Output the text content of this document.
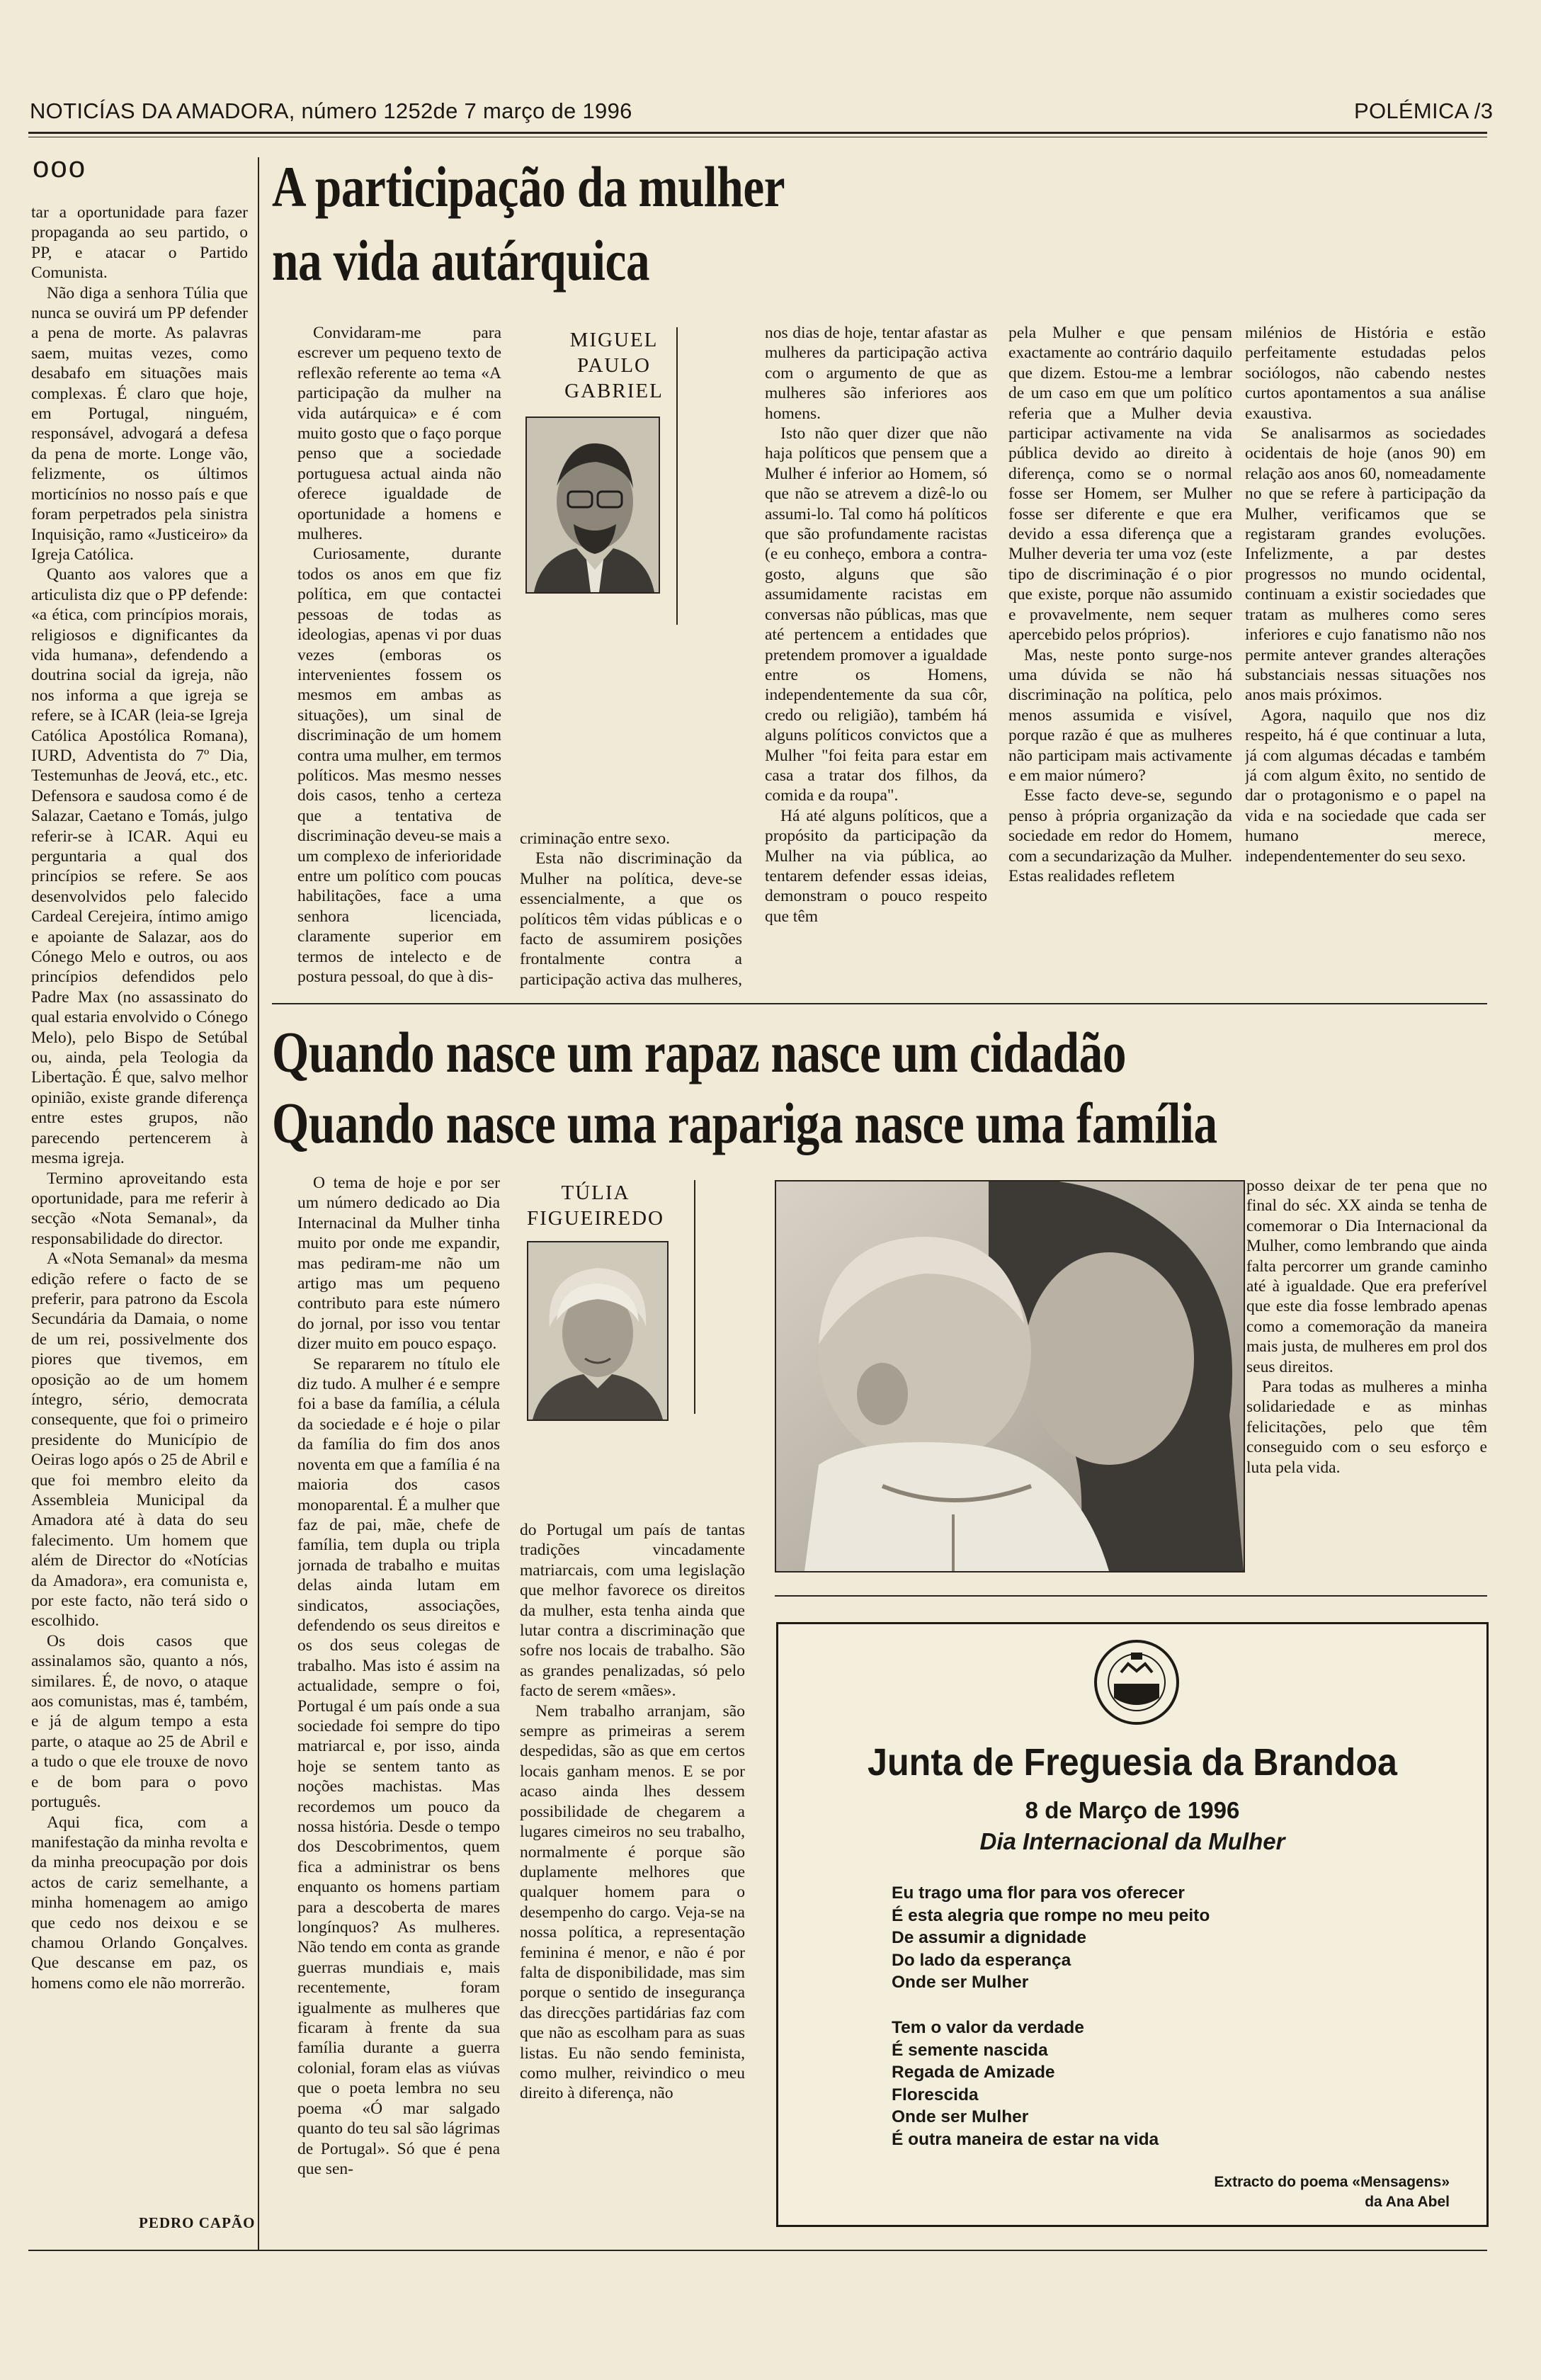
NOTICÍAS DA AMADORA, número 1252de 7 março de 1996	POLÉMICA /3
ooo

tar a oportunidade para fazer propaganda ao seu partido, o PP, e atacar o Partido Comunista.

Não diga a senhora Túlia que nunca se ouvirá um PP defender a pena de morte. As palavras saem, muitas vezes, como desabafo em situações mais complexas. É claro que hoje, em Portugal, ninguém, responsável, advogará a defesa da pena de morte. Longe vão, felizmente, os últimos morticínios no nosso país e que foram perpetrados pela sinistra Inquisição, ramo «Justiceiro» da Igreja Católica.

Quanto aos valores que a articulista diz que o PP defende: «a ética, com princípios morais, religiosos e dignificantes da vida humana», defendendo a doutrina social da igreja, não nos informa a que igreja se refere, se à ICAR (leia-se Igreja Católica Apostólica Romana), IURD, Adventista do 7º Dia, Testemunhas de Jeová, etc., etc. Defensora e saudosa como é de Salazar, Caetano e Tomás, julgo referir-se à ICAR. Aqui eu perguntaria a qual dos princípios se refere. Se aos desenvolvidos pelo falecido Cardeal Cerejeira, íntimo amigo e apoiante de Salazar, aos do Cónego Melo e outros, ou aos princípios defendidos pelo Padre Max (no assassinato do qual estaria envolvido o Cónego Melo), pelo Bispo de Setúbal ou, ainda, pela Teologia da Libertação. É que, salvo melhor opinião, existe grande diferença entre estes grupos, não parecendo pertencerem à mesma igreja.

Termino aproveitando esta oportunidade, para me referir à secção «Nota Semanal», da responsabilidade do director.

A «Nota Semanal» da mesma edição refere o facto de se preferir, para patrono da Escola Secundária da Damaia, o nome de um rei, possivelmente dos piores que tivemos, em oposição ao de um homem íntegro, sério, democrata consequente, que foi o primeiro presidente do Município de Oeiras logo após o 25 de Abril e que foi membro eleito da Assembleia Municipal da Amadora até à data do seu falecimento. Um homem que além de Director do «Notícias da Amadora», era comunista e, por este facto, não terá sido o escolhido.

Os dois casos que assinalamos são, quanto a nós, similares. É, de novo, o ataque aos comunistas, mas é, também, e já de algum tempo a esta parte, o ataque ao 25 de Abril e a tudo o que ele trouxe de novo e de bom para o povo português.

Aqui fica, com a manifestação da minha revolta e da minha preocupação por dois actos de cariz semelhante, a minha homenagem ao amigo que cedo nos deixou e se chamou Orlando Gonçalves. Que descanse em paz, os homens como ele não morrerão.

PEDRO CAPÃO
A participação da mulher
na vida autárquica

Convidaram-me para escrever um pequeno texto de reflexão referente ao tema «A participação da mulher na vida autárquica» e é com muito gosto que o faço porque penso que a sociedade portuguesa actual ainda não oferece igualdade de oportunidade a homens e mulheres.

Curiosamente, durante todos os anos em que fiz política, em que contactei pessoas de todas as ideologias, apenas vi por duas vezes (emboras os intervenientes fossem os mesmos em ambas as situações), um sinal de discriminação de um homem contra uma mulher, em termos políticos. Mas mesmo nesses dois casos, tenho a certeza que a tentativa de discriminação deveu-se mais a um complexo de inferioridade entre um político com poucas habilitações, face a uma senhora licenciada, claramente superior em termos de intelecto e de postura pessoal, do que à dis-

MIGUEL
PAULO
GABRIEL

criminação entre sexo.

Esta não discriminação da Mulher na política, deve-se essencialmente, a que os políticos têm vidas públicas e o facto de assumirem posições frontalmente contra a participação activa das mulheres,

nos dias de hoje, tentar afastar as mulheres da participação activa com o argumento de que as mulheres são inferiores aos homens.

Isto não quer dizer que não haja políticos que pensem que a Mulher é inferior ao Homem, só que não se atrevem a dizê-lo ou assumi-lo. Tal como há políticos que são profundamente racistas (e eu conheço, embora a contra-gosto, alguns que são assumidamente racistas em conversas não públicas, mas que até pertencem a entidades que pretendem promover a igualdade entre os Homens, independentemente da sua côr, credo ou religião), também há alguns políticos convictos que a Mulher "foi feita para estar em casa a tratar dos filhos, da comida e da roupa".

Há até alguns políticos, que a propósito da participação da Mulher na via pública, ao tentarem defender essas ideias, demonstram o pouco respeito que têm

pela Mulher e que pensam exactamente ao contrário daquilo que dizem. Estou-me a lembrar de um caso em que um político referia que a Mulher devia participar activamente na vida pública devido ao direito à diferença, como se o normal fosse ser Homem, ser Mulher fosse ser diferente e que era devido a essa diferença que a Mulher deveria ter uma voz (este tipo de discriminação é o pior que existe, porque não assumido e provavelmente, nem sequer apercebido pelos próprios).

Mas, neste ponto surge-nos uma dúvida se não há discriminação na política, pelo menos assumida e visível, porque razão é que as mulheres não participam mais activamente e em maior número?

Esse facto deve-se, segundo penso à própria organização da sociedade em redor do Homem, com a secundarização da Mulher. Estas realidades refletem

milénios de História e estão perfeitamente estudadas pelos sociólogos, não cabendo nestes curtos apontamentos a sua análise exaustiva.

Se analisarmos as sociedades ocidentais de hoje (anos 90) em relação aos anos 60, nomeadamente no que se refere à participação da Mulher, verificamos que se registaram grandes evoluções. Infelizmente, a par destes progressos no mundo ocidental, continuam a existir sociedades que tratam as mulheres como seres inferiores e cujo fanatismo não nos permite antever grandes alterações substanciais nessas situações nos anos mais próximos.

Agora, naquilo que nos diz respeito, há é que continuar a luta, já com algumas décadas e também já com algum êxito, no sentido de dar o protagonismo e o papel na vida e na sociedade que cada ser humano merece, independentementer do seu sexo.

Quando nasce um rapaz nasce um cidadão
Quando nasce uma rapariga nasce uma família
TÚLIA
FIGUEIREDO

O tema de hoje e por ser um número dedicado ao Dia Internacinal da Mulher tinha muito por onde me expandir, mas pediram-me não um artigo mas um pequeno contributo para este número do jornal, por isso vou tentar dizer muito em pouco espaço.

Se repararem no título ele diz tudo. A mulher é e sempre foi a base da família, a célula da sociedade e é hoje o pilar da família do fim dos anos noventa em que a família é na maioria dos casos monoparental. É a mulher que faz de pai, mãe, chefe de família, tem dupla ou tripla jornada de trabalho e muitas delas ainda lutam em sindicatos, associações, defendendo os seus direitos e os dos seus colegas de trabalho. Mas isto é assim na actualidade, sempre o foi, Portugal é um país onde a sua sociedade foi sempre do tipo matriarcal e, por isso, ainda hoje se sentem tanto as noções machistas. Mas recordemos um pouco da nossa história. Desde o tempo dos Descobrimentos, quem fica a administrar os bens enquanto os homens partiam para a descoberta de mares longínquos? As mulheres. Não tendo em conta as grande guerras mundiais e, mais recentemente, foram igualmente as mulheres que ficaram à frente da sua família durante a guerra colonial, foram elas as viúvas que o poeta lembra no seu poema «Ó mar salgado quanto do teu sal são lágrimas de Portugal». Só que é pena que sen-

do Portugal um país de tantas tradições vincadamente matriarcais, com uma legislação que melhor favorece os direitos da mulher, esta tenha ainda que lutar contra a discriminação que sofre nos locais de trabalho. São as grandes penalizadas, só pelo facto de serem «mães».

Nem trabalho arranjam, são sempre as primeiras a serem despedidas, são as que em certos locais ganham menos. E se por acaso ainda lhes dessem possibilidade de chegarem a lugares cimeiros no seu trabalho, normalmente é porque são duplamente melhores que qualquer homem para o desempenho do cargo. Veja-se na nossa política, a representação feminina é menor, e não é por falta de disponibilidade, mas sim porque o sentido de insegurança das direcções partidárias faz com que não as escolham para as suas listas. Eu não sendo feminista, como mulher, reivindico o meu direito à diferença, não

posso deixar de ter pena que no final do séc. XX ainda se tenha de comemorar o Dia Internacional da Mulher, como lembrando que ainda falta percorrer um grande caminho até à igualdade. Que era preferível que este dia fosse lembrado apenas como a comemoração da maneira mais justa, de mulheres em prol dos seus direitos.

Para todas as mulheres a minha solidariedade e as minhas felicitações, pelo que têm conseguido com o seu esforço e luta pela vida.

Junta de Freguesia da Brandoa
8 de Março de 1996
Dia Internacional da Mulher
Eu trago uma flor para vos oferecer
É esta alegria que rompe no meu peito
De assumir a dignidade
Do lado da esperança
Onde ser Mulher
Tem o valor da verdade
É semente nascida
Regada de Amizade
Florescida
Onde ser Mulher
É outra maneira de estar na vida
Extracto do poema «Mensagens»
da Ana Abel
